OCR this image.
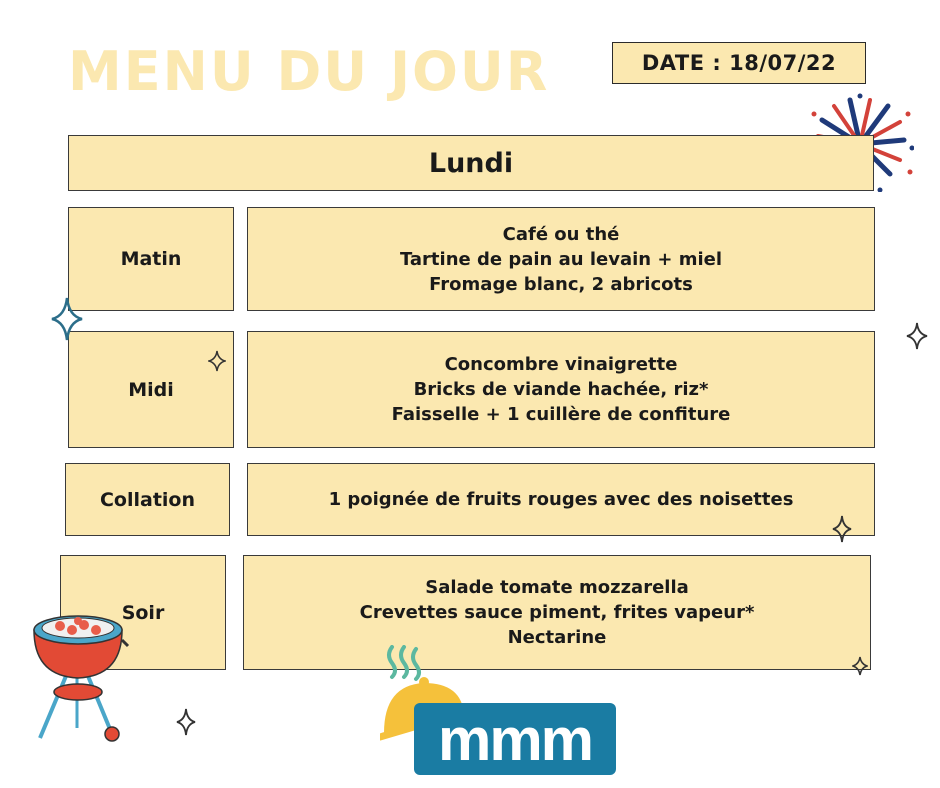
MENU DU JOUR	DATE : 18/07/22
Lundi
Matin
Café ou thé
Tartine de pain au levain + miel
Fromage blanc, 2 abricots
Midi
Concombre vinaigrette
Bricks de viande hachée, riz*
Faisselle + 1 cuillère de confiture
Collation	1 poignée de fruits rouges avec des noisettes
Soir
Salade tomate mozzarella
Crevettes sauce piment, frites vapeur*
Nectarine
mmm
